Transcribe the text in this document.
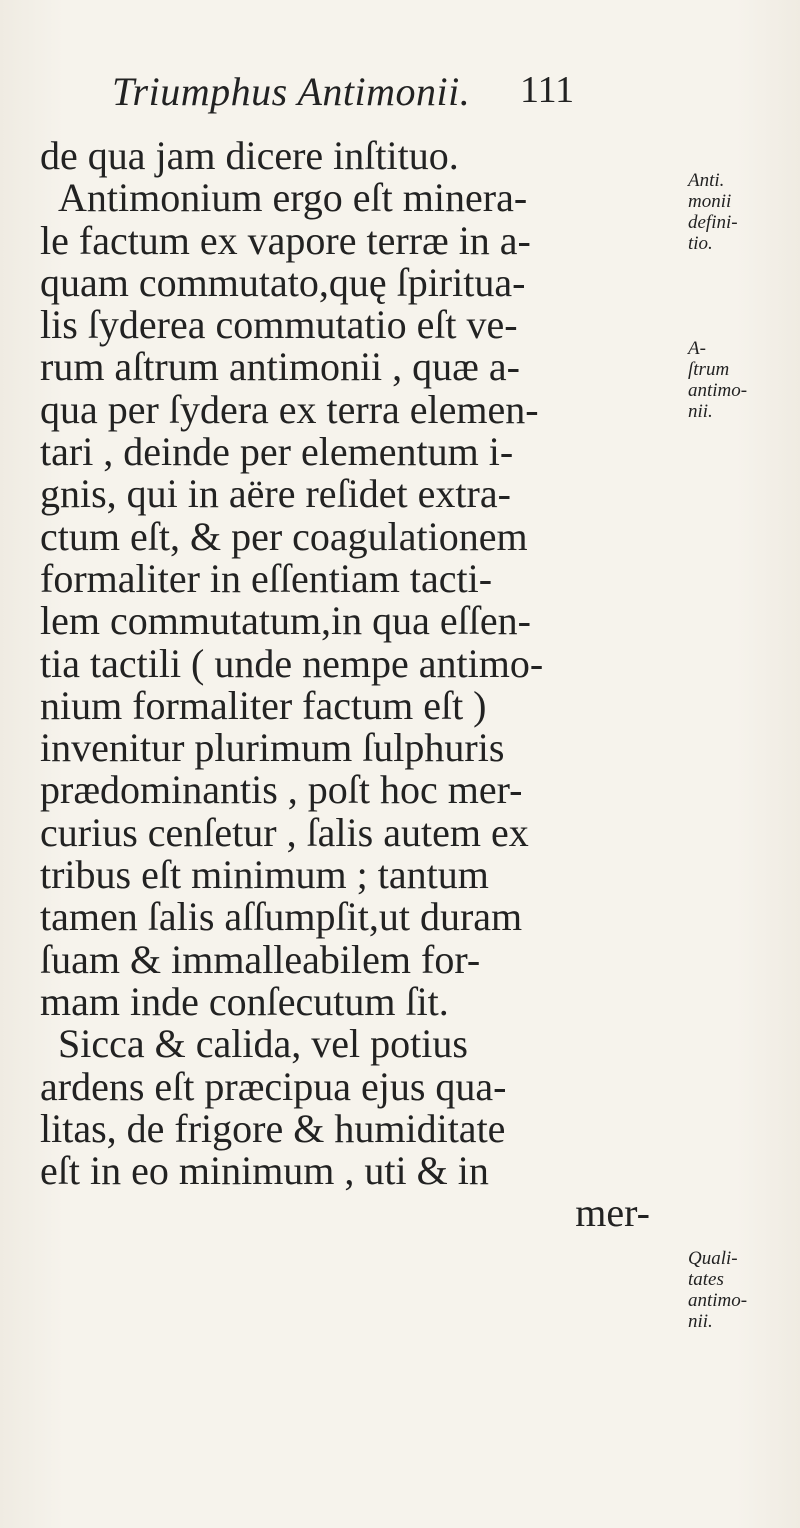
Triumphus Antimonii. 111
de qua jam dicere inſtituo.
Antimonium ergo eſt minera-
le factum ex vapore terræ in a-
quam commutato,quę ſpiritua-
lis ſyderea commutatio eſt ve-
rum aſtrum antimonii , quæ a-
qua per ſydera ex terra elemen-
tari , deinde per elementum i-
gnis, qui in aëre reſidet extra-
ctum eſt, & per coagulationem
formaliter in eſſentiam tacti-
lem commutatum,in qua eſſen-
tia tactili ( unde nempe antimo-
nium formaliter factum eſt )
invenitur plurimum ſulphuris
prædominantis , poſt hoc mer-
curius cenſetur , ſalis autem ex
tribus eſt minimum ; tantum
tamen ſalis aſſumpſit,ut duram
ſuam & immalleabilem for-
mam inde conſecutum ſit.
Sicca & calida, vel potius
ardens eſt præcipua ejus qua-
litas, de frigore & humiditate
eſt in eo minimum , uti & in
mer-
Anti.
monii
defini-
tio.
A-
ſtrum
antimo-
nii.
Quali-
tates
antimo-
nii.
